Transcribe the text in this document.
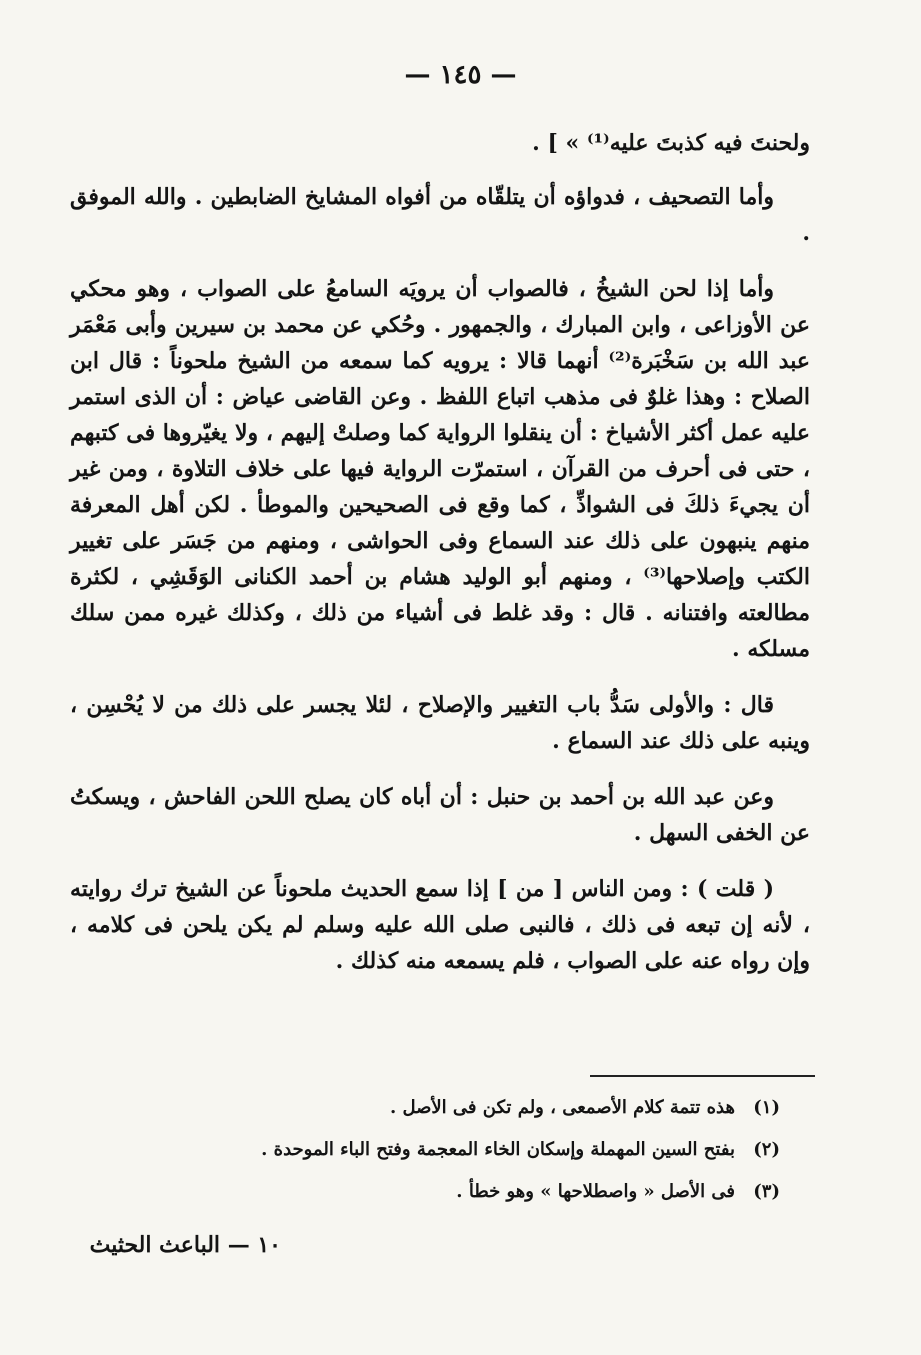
— ١٤٥ —

ولحنتَ فيه كذبتَ عليه⁽¹⁾ » ] .

وأما التصحيف ، فدواؤه أن يتلقّاه من أفواه المشايخ الضابطين . والله الموفق .

وأما إذا لحن الشيخُ ، فالصواب أن يرويَه السامعُ على الصواب ، وهو محكي عن الأوزاعى ، وابن المبارك ، والجمهور . وحُكي عن محمد بن سيرين وأبى مَعْمَر عبد الله بن سَخْبَرة⁽²⁾ أنهما قالا : يرويه كما سمعه من الشيخ ملحوناً : قال ابن الصلاح : وهذا غلوٌ فى مذهب اتباع اللفظ . وعن القاضى عياض : أن الذى استمر عليه عمل أكثر الأشياخ : أن ينقلوا الرواية كما وصلتْ إليهم ، ولا يغيّروها فى كتبهم ، حتى فى أحرف من القرآن ، استمرّت الرواية فيها على خلاف التلاوة ، ومن غير أن يجيءَ ذلكَ فى الشواذِّ ، كما وقع فى الصحيحين والموطأ . لكن أهل المعرفة منهم ينبهون على ذلك عند السماع وفى الحواشى ، ومنهم من جَسَر على تغيير الكتب وإصلاحها⁽³⁾ ، ومنهم أبو الوليد هشام بن أحمد الكنانى الوَقَشِي ، لكثرة مطالعته وافتنانه . قال : وقد غلط فى أشياء من ذلك ، وكذلك غيره ممن سلك مسلكه .

قال : والأولى سَدُّ باب التغيير والإصلاح ، لئلا يجسر على ذلك من لا يُحْسِن ، وينبه على ذلك عند السماع .

وعن عبد الله بن أحمد بن حنبل : أن أباه كان يصلح اللحن الفاحش ، ويسكتُ عن الخفى السهل .

( قلت ) : ومن الناس [ من ] إذا سمع الحديث ملحوناً عن الشيخ ترك روايته ، لأنه إن تبعه فى ذلك ، فالنبى صلى الله عليه وسلم لم يكن يلحن فى كلامه ، وإن رواه عنه على الصواب ، فلم يسمعه منه كذلك .

(١) هذه تتمة كلام الأصمعى ، ولم تكن فى الأصل .
(٢) بفتح السين المهملة وإسكان الخاء المعجمة وفتح الباء الموحدة .
(٣) فى الأصل « واصطلاحها » وهو خطأ .
١٠ — الباعث الحثيث
